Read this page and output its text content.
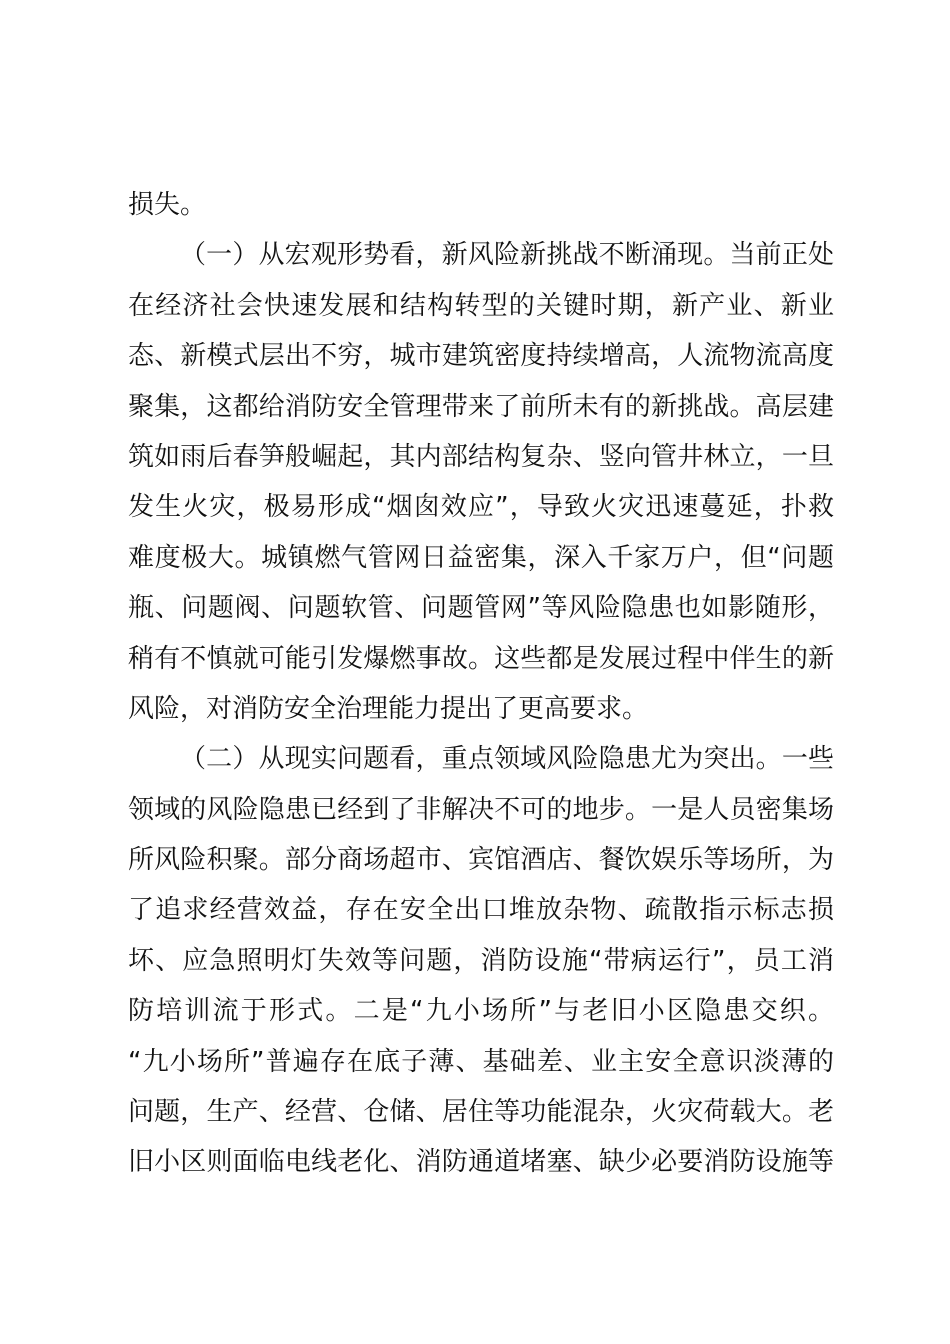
损失。
（一）从宏观形势看，新风险新挑战不断涌现。当前正处
在经济社会快速发展和结构转型的关键时期，新产业、新业
态、新模式层出不穷，城市建筑密度持续增高，人流物流高度
聚集，这都给消防安全管理带来了前所未有的新挑战。高层建
筑如雨后春笋般崛起，其内部结构复杂、竖向管井林立，一旦
发生火灾，极易形成“烟囱效应”，导致火灾迅速蔓延，扑救
难度极大。城镇燃气管网日益密集，深入千家万户，但“问题
瓶、问题阀、问题软管、问题管网”等风险隐患也如影随形，
稍有不慎就可能引发爆燃事故。这些都是发展过程中伴生的新
风险，对消防安全治理能力提出了更高要求。
（二）从现实问题看，重点领域风险隐患尤为突出。一些
领域的风险隐患已经到了非解决不可的地步。一是人员密集场
所风险积聚。部分商场超市、宾馆酒店、餐饮娱乐等场所，为
了追求经营效益，存在安全出口堆放杂物、疏散指示标志损
坏、应急照明灯失效等问题，消防设施“带病运行”，员工消
防培训流于形式。二是“九小场所”与老旧小区隐患交织。
“九小场所”普遍存在底子薄、基础差、业主安全意识淡薄的
问题，生产、经营、仓储、居住等功能混杂，火灾荷载大。老
旧小区则面临电线老化、消防通道堵塞、缺少必要消防设施等
